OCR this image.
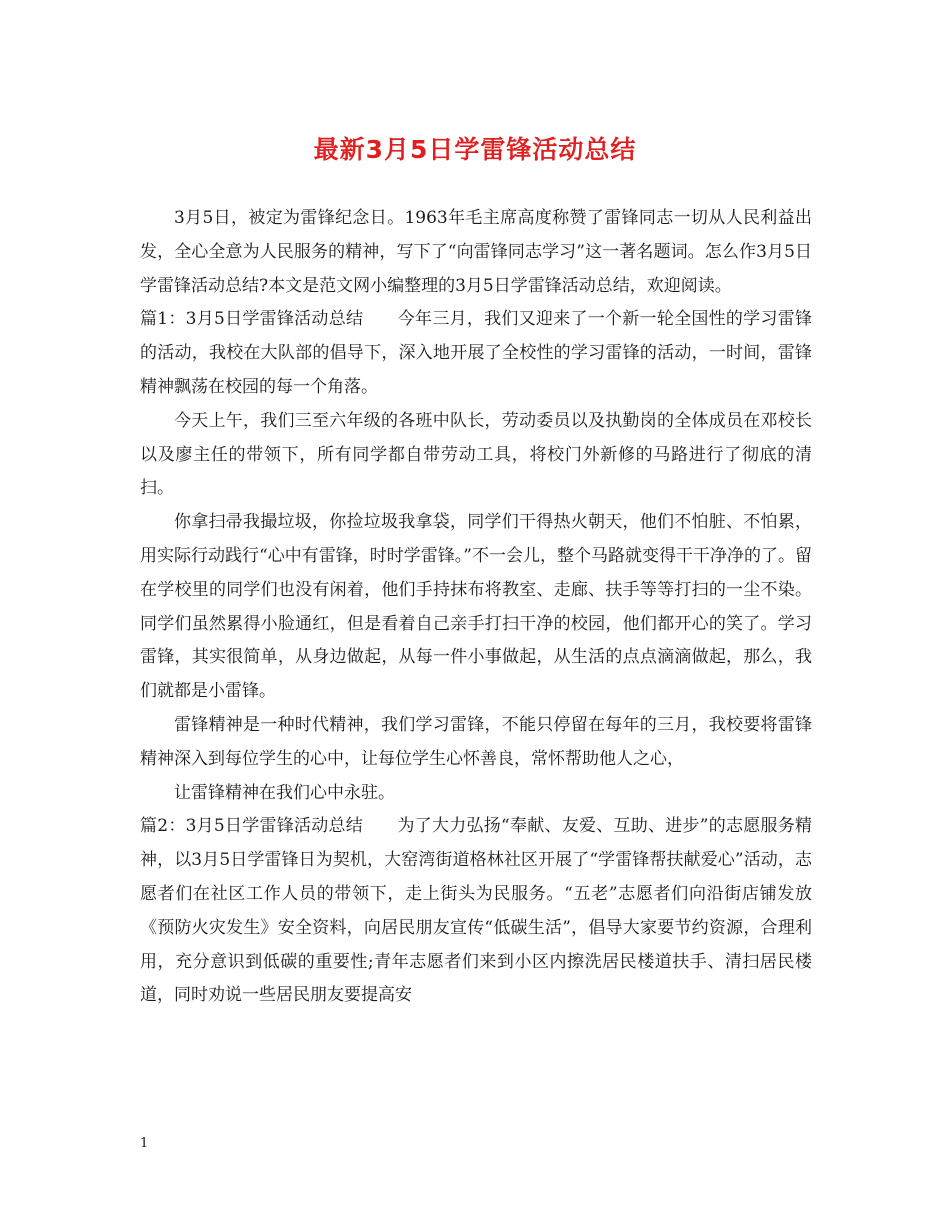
最新3月5日学雷锋活动总结

3月5日，被定为雷锋纪念日。1963年毛主席高度称赞了雷锋同志一切从人民利益出发，全心全意为人民服务的精神，写下了“向雷锋同志学习”这一著名题词。怎么作3月5日学雷锋活动总结?本文是范文网小编整理的3月5日学雷锋活动总结，欢迎阅读。

篇1：3月5日学雷锋活动总结　　今年三月，我们又迎来了一个新一轮全国性的学习雷锋的活动，我校在大队部的倡导下，深入地开展了全校性的学习雷锋的活动，一时间，雷锋精神飘荡在校园的每一个角落。

今天上午，我们三至六年级的各班中队长，劳动委员以及执勤岗的全体成员在邓校长以及廖主任的带领下，所有同学都自带劳动工具，将校门外新修的马路进行了彻底的清扫。

你拿扫帚我撮垃圾，你捡垃圾我拿袋，同学们干得热火朝天，他们不怕脏、不怕累，用实际行动践行“心中有雷锋，时时学雷锋。”不一会儿，整个马路就变得干干净净的了。留在学校里的同学们也没有闲着，他们手持抹布将教室、走廊、扶手等等打扫的一尘不染。同学们虽然累得小脸通红，但是看着自己亲手打扫干净的校园，他们都开心的笑了。学习雷锋，其实很简单，从身边做起，从每一件小事做起，从生活的点点滴滴做起，那么，我们就都是小雷锋。

雷锋精神是一种时代精神，我们学习雷锋，不能只停留在每年的三月，我校要将雷锋精神深入到每位学生的心中，让每位学生心怀善良，常怀帮助他人之心，

让雷锋精神在我们心中永驻。

篇2：3月5日学雷锋活动总结　　为了大力弘扬“奉献、友爱、互助、进步”的志愿服务精神，以3月5日学雷锋日为契机，大窑湾街道格林社区开展了“学雷锋帮扶献爱心”活动，志愿者们在社区工作人员的带领下，走上街头为民服务。“五老”志愿者们向沿街店铺发放《预防火灾发生》安全资料，向居民朋友宣传“低碳生活”，倡导大家要节约资源，合理利用，充分意识到低碳的重要性;青年志愿者们来到小区内擦洗居民楼道扶手、清扫居民楼道，同时劝说一些居民朋友要提高安

1
